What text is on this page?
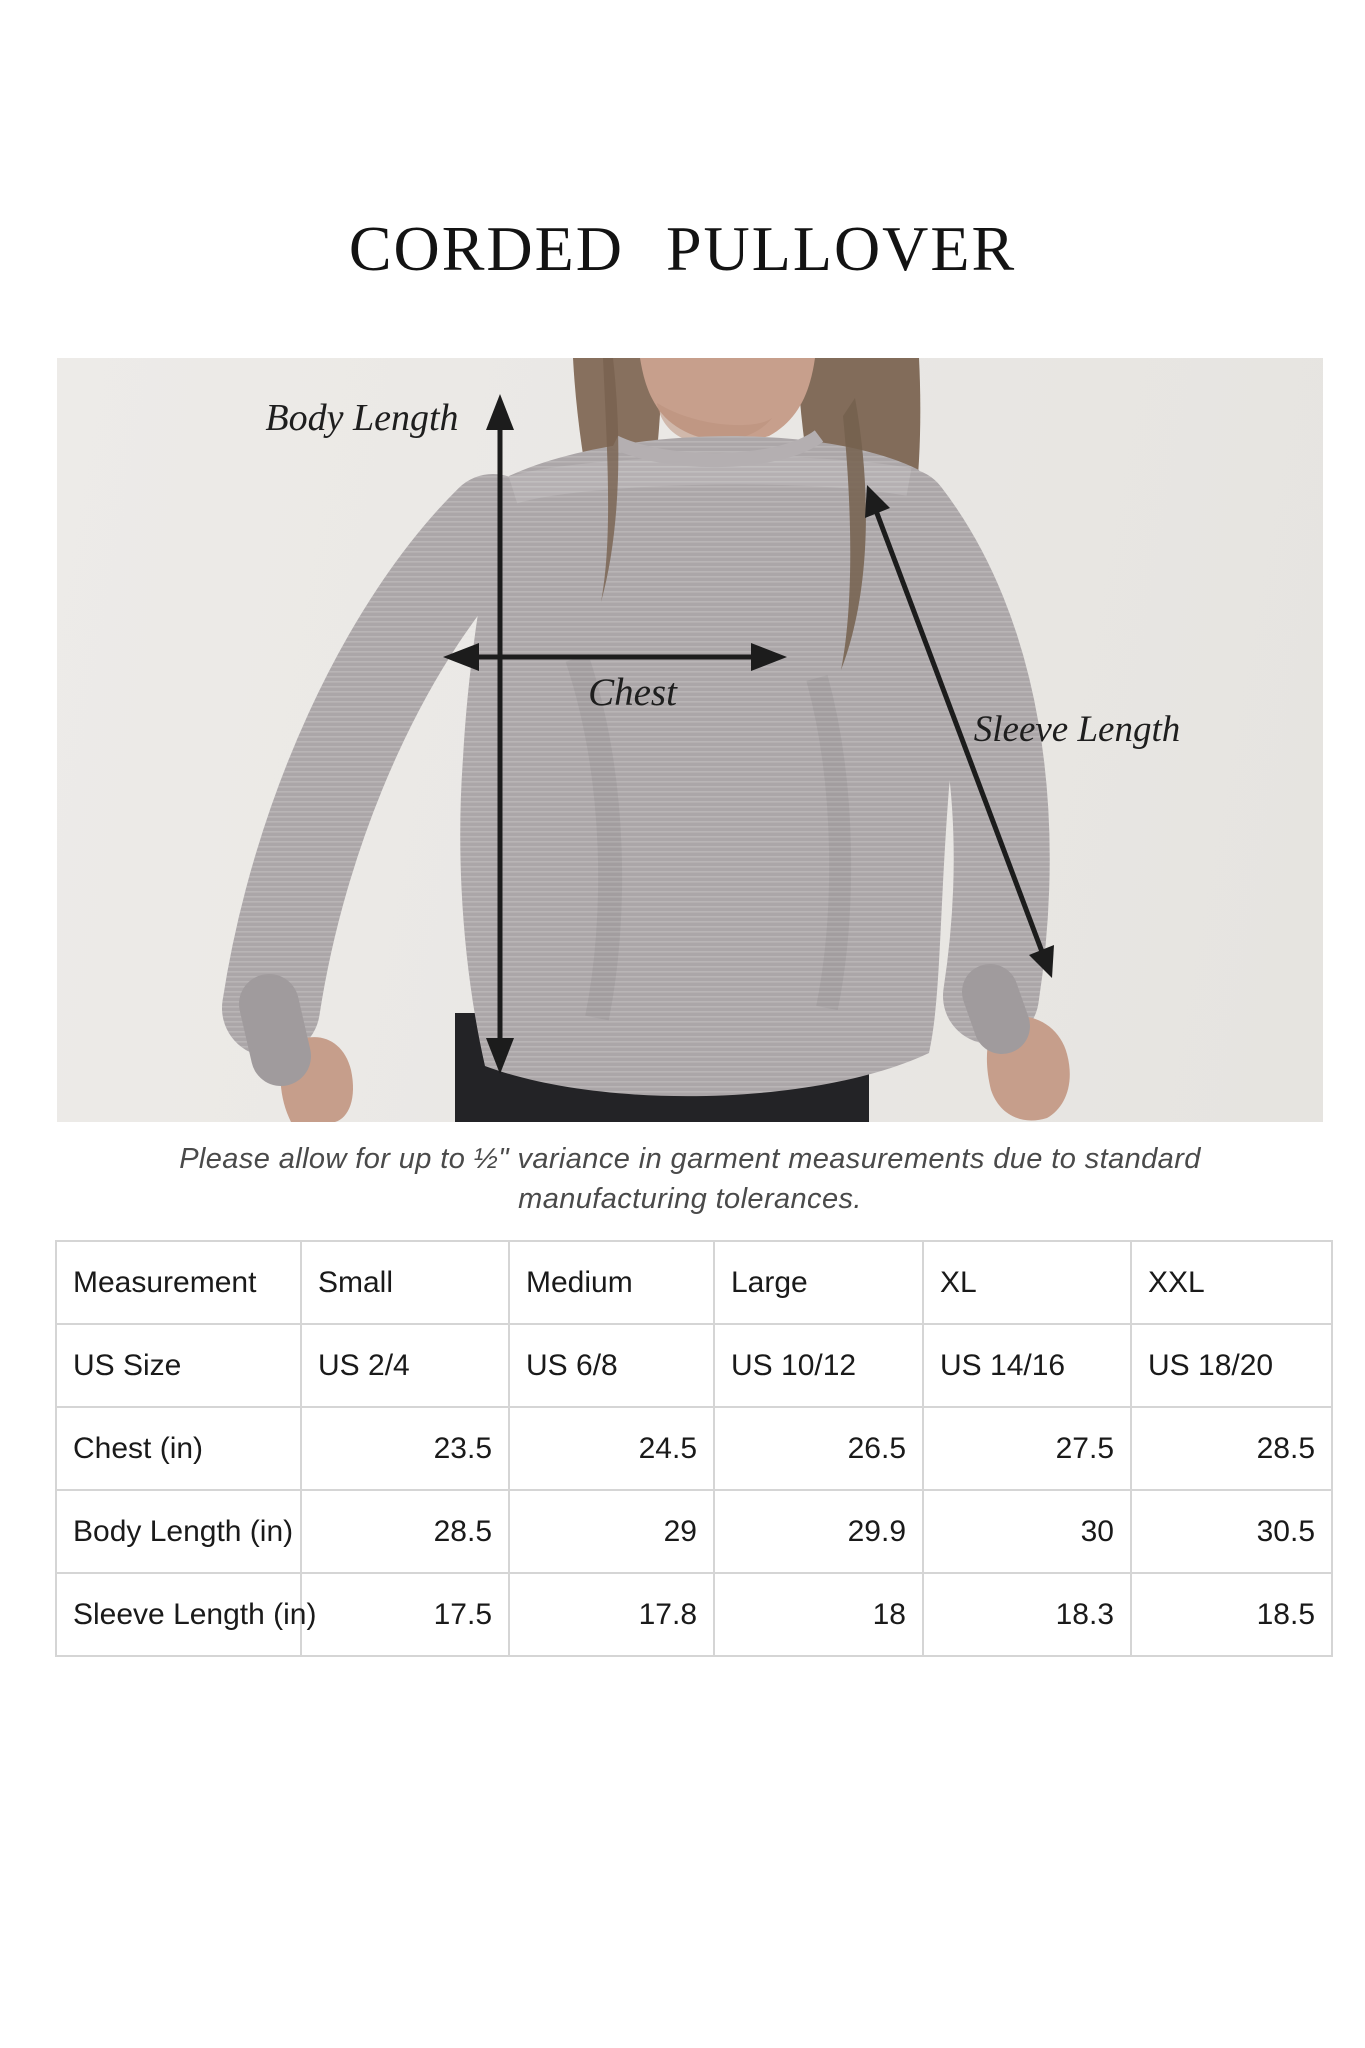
CORDED PULLOVER
Body Length
Chest
Sleeve Length
Please allow for up to ½" variance in garment measurements due to standard
manufacturing tolerances.
Measurement	Small	Medium	Large	XL	XXL
US Size	US 2/4	US 6/8	US 10/12	US 14/16	US 18/20
Chest (in)	23.5	24.5	26.5	27.5	28.5
Body Length (in)	28.5	29	29.9	30	30.5
Sleeve Length (in)	17.5	17.8	18	18.3	18.5
